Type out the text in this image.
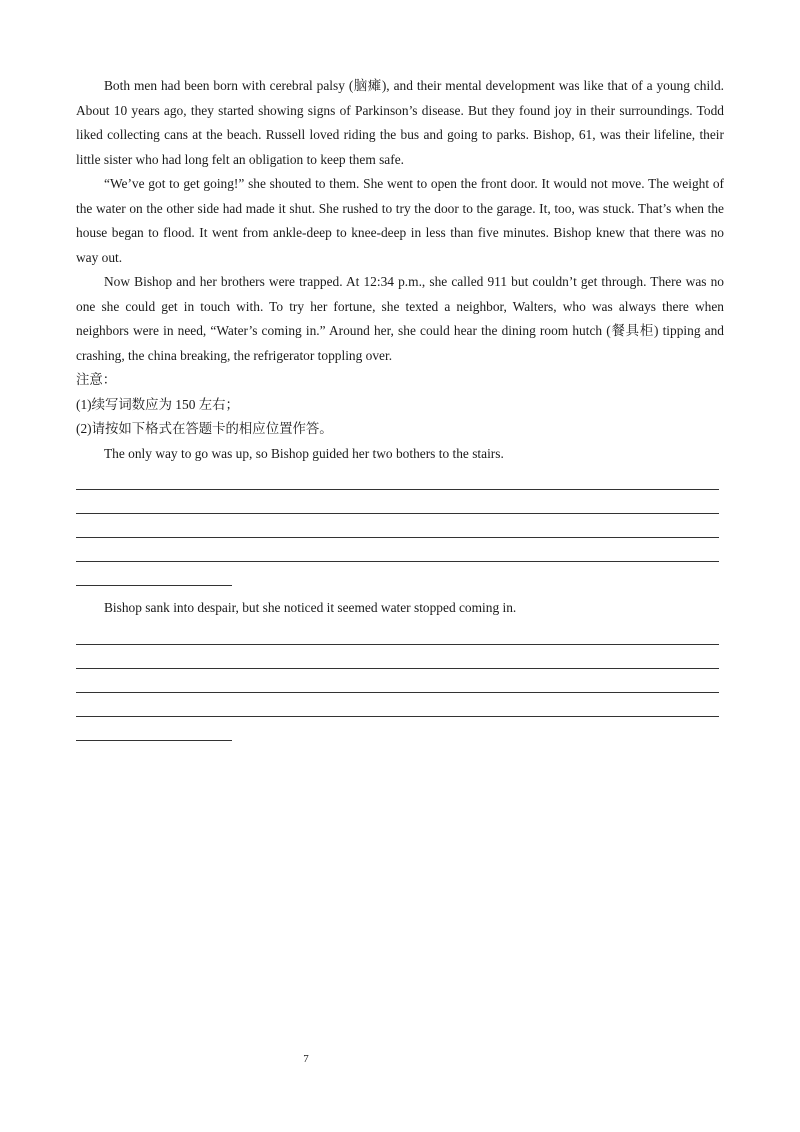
Both men had been born with cerebral palsy (脑瘫), and their mental development was like that of a young child. About 10 years ago, they started showing signs of Parkinson’s disease. But they found joy in their surroundings. Todd liked collecting cans at the beach. Russell loved riding the bus and going to parks. Bishop, 61, was their lifeline, their little sister who had long felt an obligation to keep them safe.

“We’ve got to get going!” she shouted to them. She went to open the front door. It would not move. The weight of the water on the other side had made it shut. She rushed to try the door to the garage. It, too, was stuck. That’s when the house began to flood. It went from ankle-deep to knee-deep in less than five minutes. Bishop knew that there was no way out.

Now Bishop and her brothers were trapped. At 12:34 p.m., she called 911 but couldn’t get through. There was no one she could get in touch with. To try her fortune, she texted a neighbor, Walters, who was always there when neighbors were in need, “Water’s coming in.” Around her, she could hear the dining room hutch (餐具柜) tipping and crashing, the china breaking, the refrigerator toppling over.

注意：

(1)续写词数应为 150 左右；

(2)请按如下格式在答题卡的相应位置作答。

The only way to go was up, so Bishop guided her two bothers to the stairs.

Bishop sank into despair, but she noticed it seemed water stopped coming in.

7
